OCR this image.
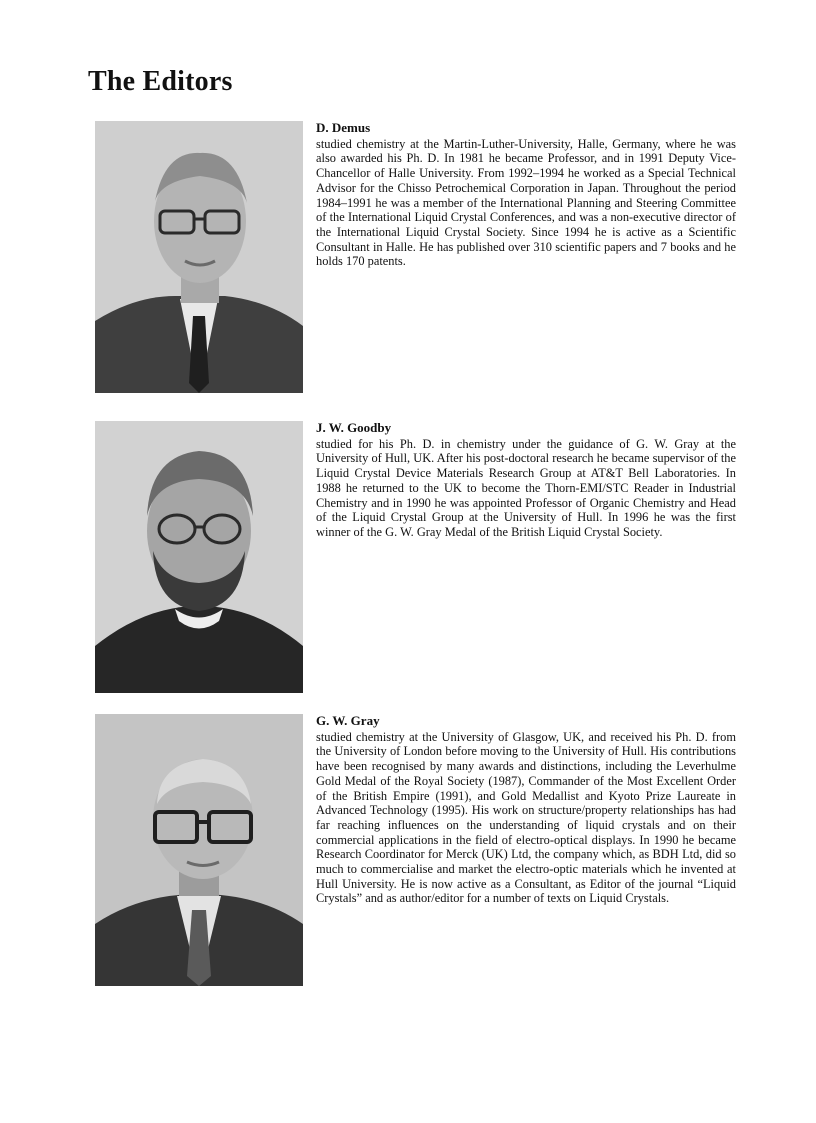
The Editors

D. Demus

studied chemistry at the Martin-Luther-University, Halle, Germany, where he was also awarded his Ph. D. In 1981 he became Professor, and in 1991 Deputy Vice-Chancellor of Halle University. From 1992–1994 he worked as a Special Technical Advisor for the Chisso Petrochemical Corporation in Japan. Throughout the period 1984–1991 he was a member of the International Planning and Steering Committee of the International Liquid Crystal Conferences, and was a non-executive director of the International Liquid Crystal Society. Since 1994 he is active as a Scientific Consultant in Halle. He has published over 310 scientific papers and 7 books and he holds 170 patents.

J. W. Goodby

studied for his Ph. D. in chemistry under the guidance of G. W. Gray at the University of Hull, UK. After his post-doctoral research he became supervisor of the Liquid Crystal Device Materials Research Group at AT&T Bell Laboratories. In 1988 he returned to the UK to become the Thorn-EMI/STC Reader in Industrial Chemistry and in 1990 he was appointed Professor of Organic Chemistry and Head of the Liquid Crystal Group at the University of Hull. In 1996 he was the first winner of the G. W. Gray Medal of the British Liquid Crystal Society.

G. W. Gray

studied chemistry at the University of Glasgow, UK, and received his Ph. D. from the University of London before moving to the University of Hull. His contributions have been recognised by many awards and distinctions, including the Leverhulme Gold Medal of the Royal Society (1987), Commander of the Most Excellent Order of the British Empire (1991), and Gold Medallist and Kyoto Prize Laureate in Advanced Technology (1995). His work on structure/property relationships has had far reaching influences on the understanding of liquid crystals and on their commercial applications in the field of electro-optical displays. In 1990 he became Research Coordinator for Merck (UK) Ltd, the company which, as BDH Ltd, did so much to commercialise and market the electro-optic materials which he invented at Hull University. He is now active as a Consultant, as Editor of the journal “Liquid Crystals” and as author/editor for a number of texts on Liquid Crystals.
